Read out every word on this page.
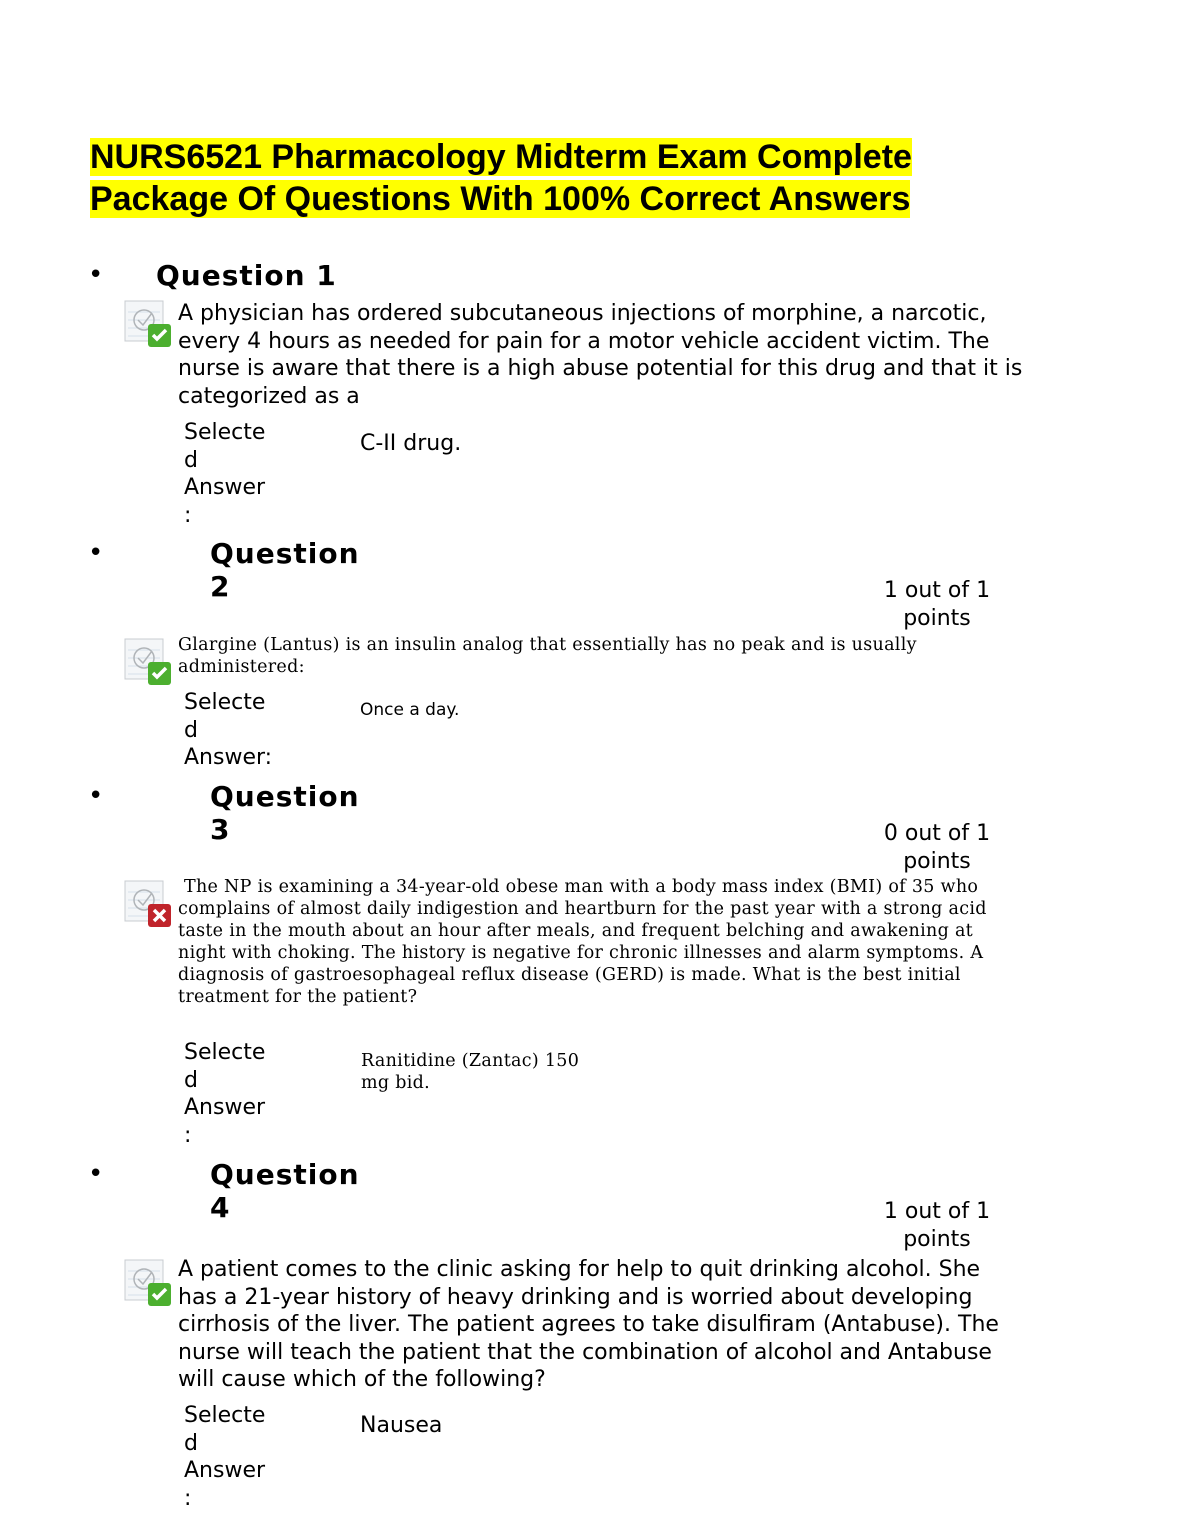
NURS6521 Pharmacology Midterm Exam Complete
Package Of Questions With 100% Correct Answers
• Question 1
A physician has ordered subcutaneous injections of morphine, a narcotic, every 4 hours as needed for pain for a motor vehicle accident victim. The nurse is aware that there is a high abuse potential for this drug and that it is categorized as a
Selecte
d
Answer
:
C-II drug.
•	Question
2	1 out of 1 points
Glargine (Lantus) is an insulin analog that essentially has no peak and is usually administered:
Selecte
d
Answer:
Once a day.
•	Question
3	0 out of 1 points
The NP is examining a 34-year-old obese man with a body mass index (BMI) of 35 who complains of almost daily indigestion and heartburn for the past year with a strong acid taste in the mouth about an hour after meals, and frequent belching and awakening at night with choking. The history is negative for chronic illnesses and alarm symptoms. A diagnosis of gastroesophageal reflux disease (GERD) is made. What is the best initial treatment for the patient?
Selecte
d
Answer
:
Ranitidine (Zantac) 150 mg bid.
•	Question
4	1 out of 1 points
A patient comes to the clinic asking for help to quit drinking alcohol. She has a 21-year history of heavy drinking and is worried about developing cirrhosis of the liver. The patient agrees to take disulfiram (Antabuse). The nurse will teach the patient that the combination of alcohol and Antabuse will cause which of the following?
Selecte
d
Answer
:
Nausea
